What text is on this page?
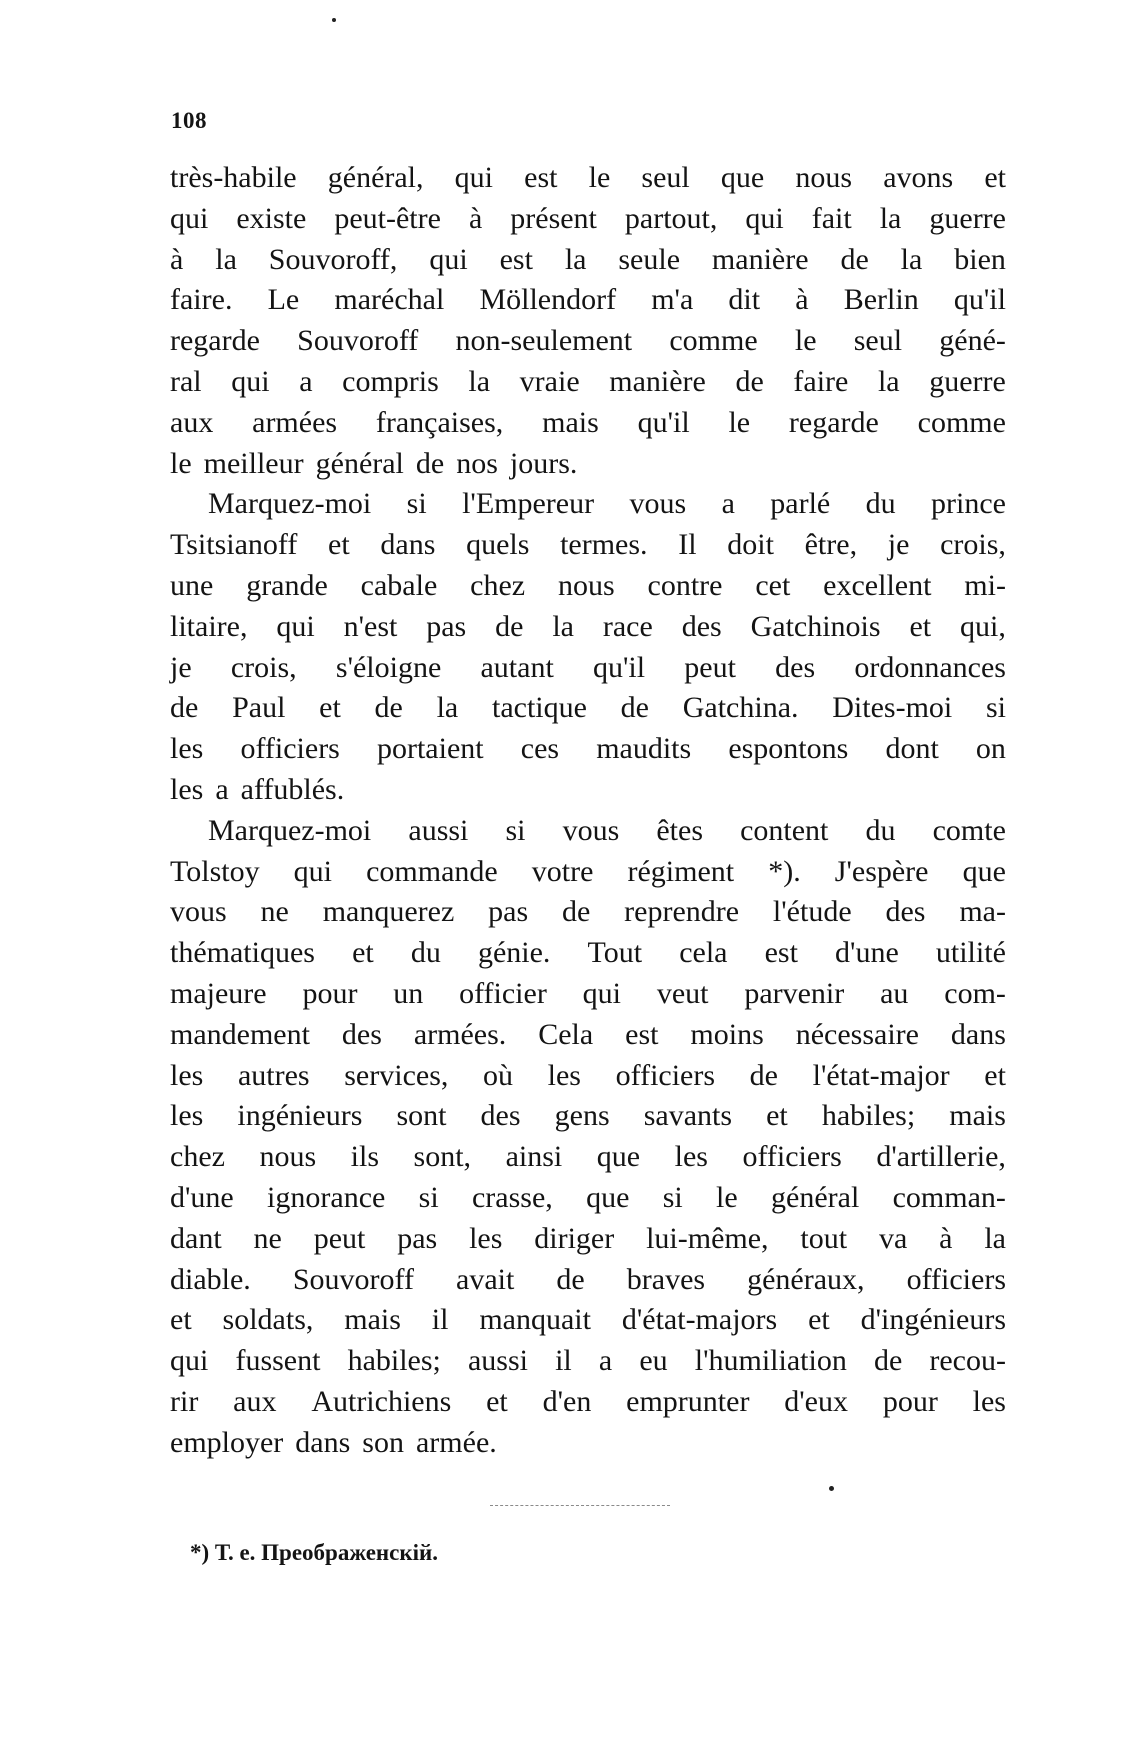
108
très-habile général, qui est le seul que nous avons et
qui existe peut-être à présent partout, qui fait la guerre
à la Souvoroff, qui est la seule manière de la bien
faire. Le maréchal Möllendorf m'a dit à Berlin qu'il
regarde Souvoroff non-seulement comme le seul géné-
ral qui a compris la vraie manière de faire la guerre
aux armées françaises, mais qu'il le regarde comme
le meilleur général de nos jours.
Marquez-moi si l'Empereur vous a parlé du prince
Tsitsianoff et dans quels termes. Il doit être, je crois,
une grande cabale chez nous contre cet excellent mi-
litaire, qui n'est pas de la race des Gatchinois et qui,
je crois, s'éloigne autant qu'il peut des ordonnances
de Paul et de la tactique de Gatchina. Dites-moi si
les officiers portaient ces maudits espontons dont on
les a affublés.
Marquez-moi aussi si vous êtes content du comte
Tolstoy qui commande votre régiment *). J'espère que
vous ne manquerez pas de reprendre l'étude des ma-
thématiques et du génie. Tout cela est d'une utilité
majeure pour un officier qui veut parvenir au com-
mandement des armées. Cela est moins nécessaire dans
les autres services, où les officiers de l'état-major et
les ingénieurs sont des gens savants et habiles; mais
chez nous ils sont, ainsi que les officiers d'artillerie,
d'une ignorance si crasse, que si le général comman-
dant ne peut pas les diriger lui-même, tout va à la
diable. Souvoroff avait de braves généraux, officiers
et soldats, mais il manquait d'état-majors et d'ingénieurs
qui fussent habiles; aussi il a eu l'humiliation de recou-
rir aux Autrichiens et d'en emprunter d'eux pour les
employer dans son armée.
*) Т. е. Преображенскій.
